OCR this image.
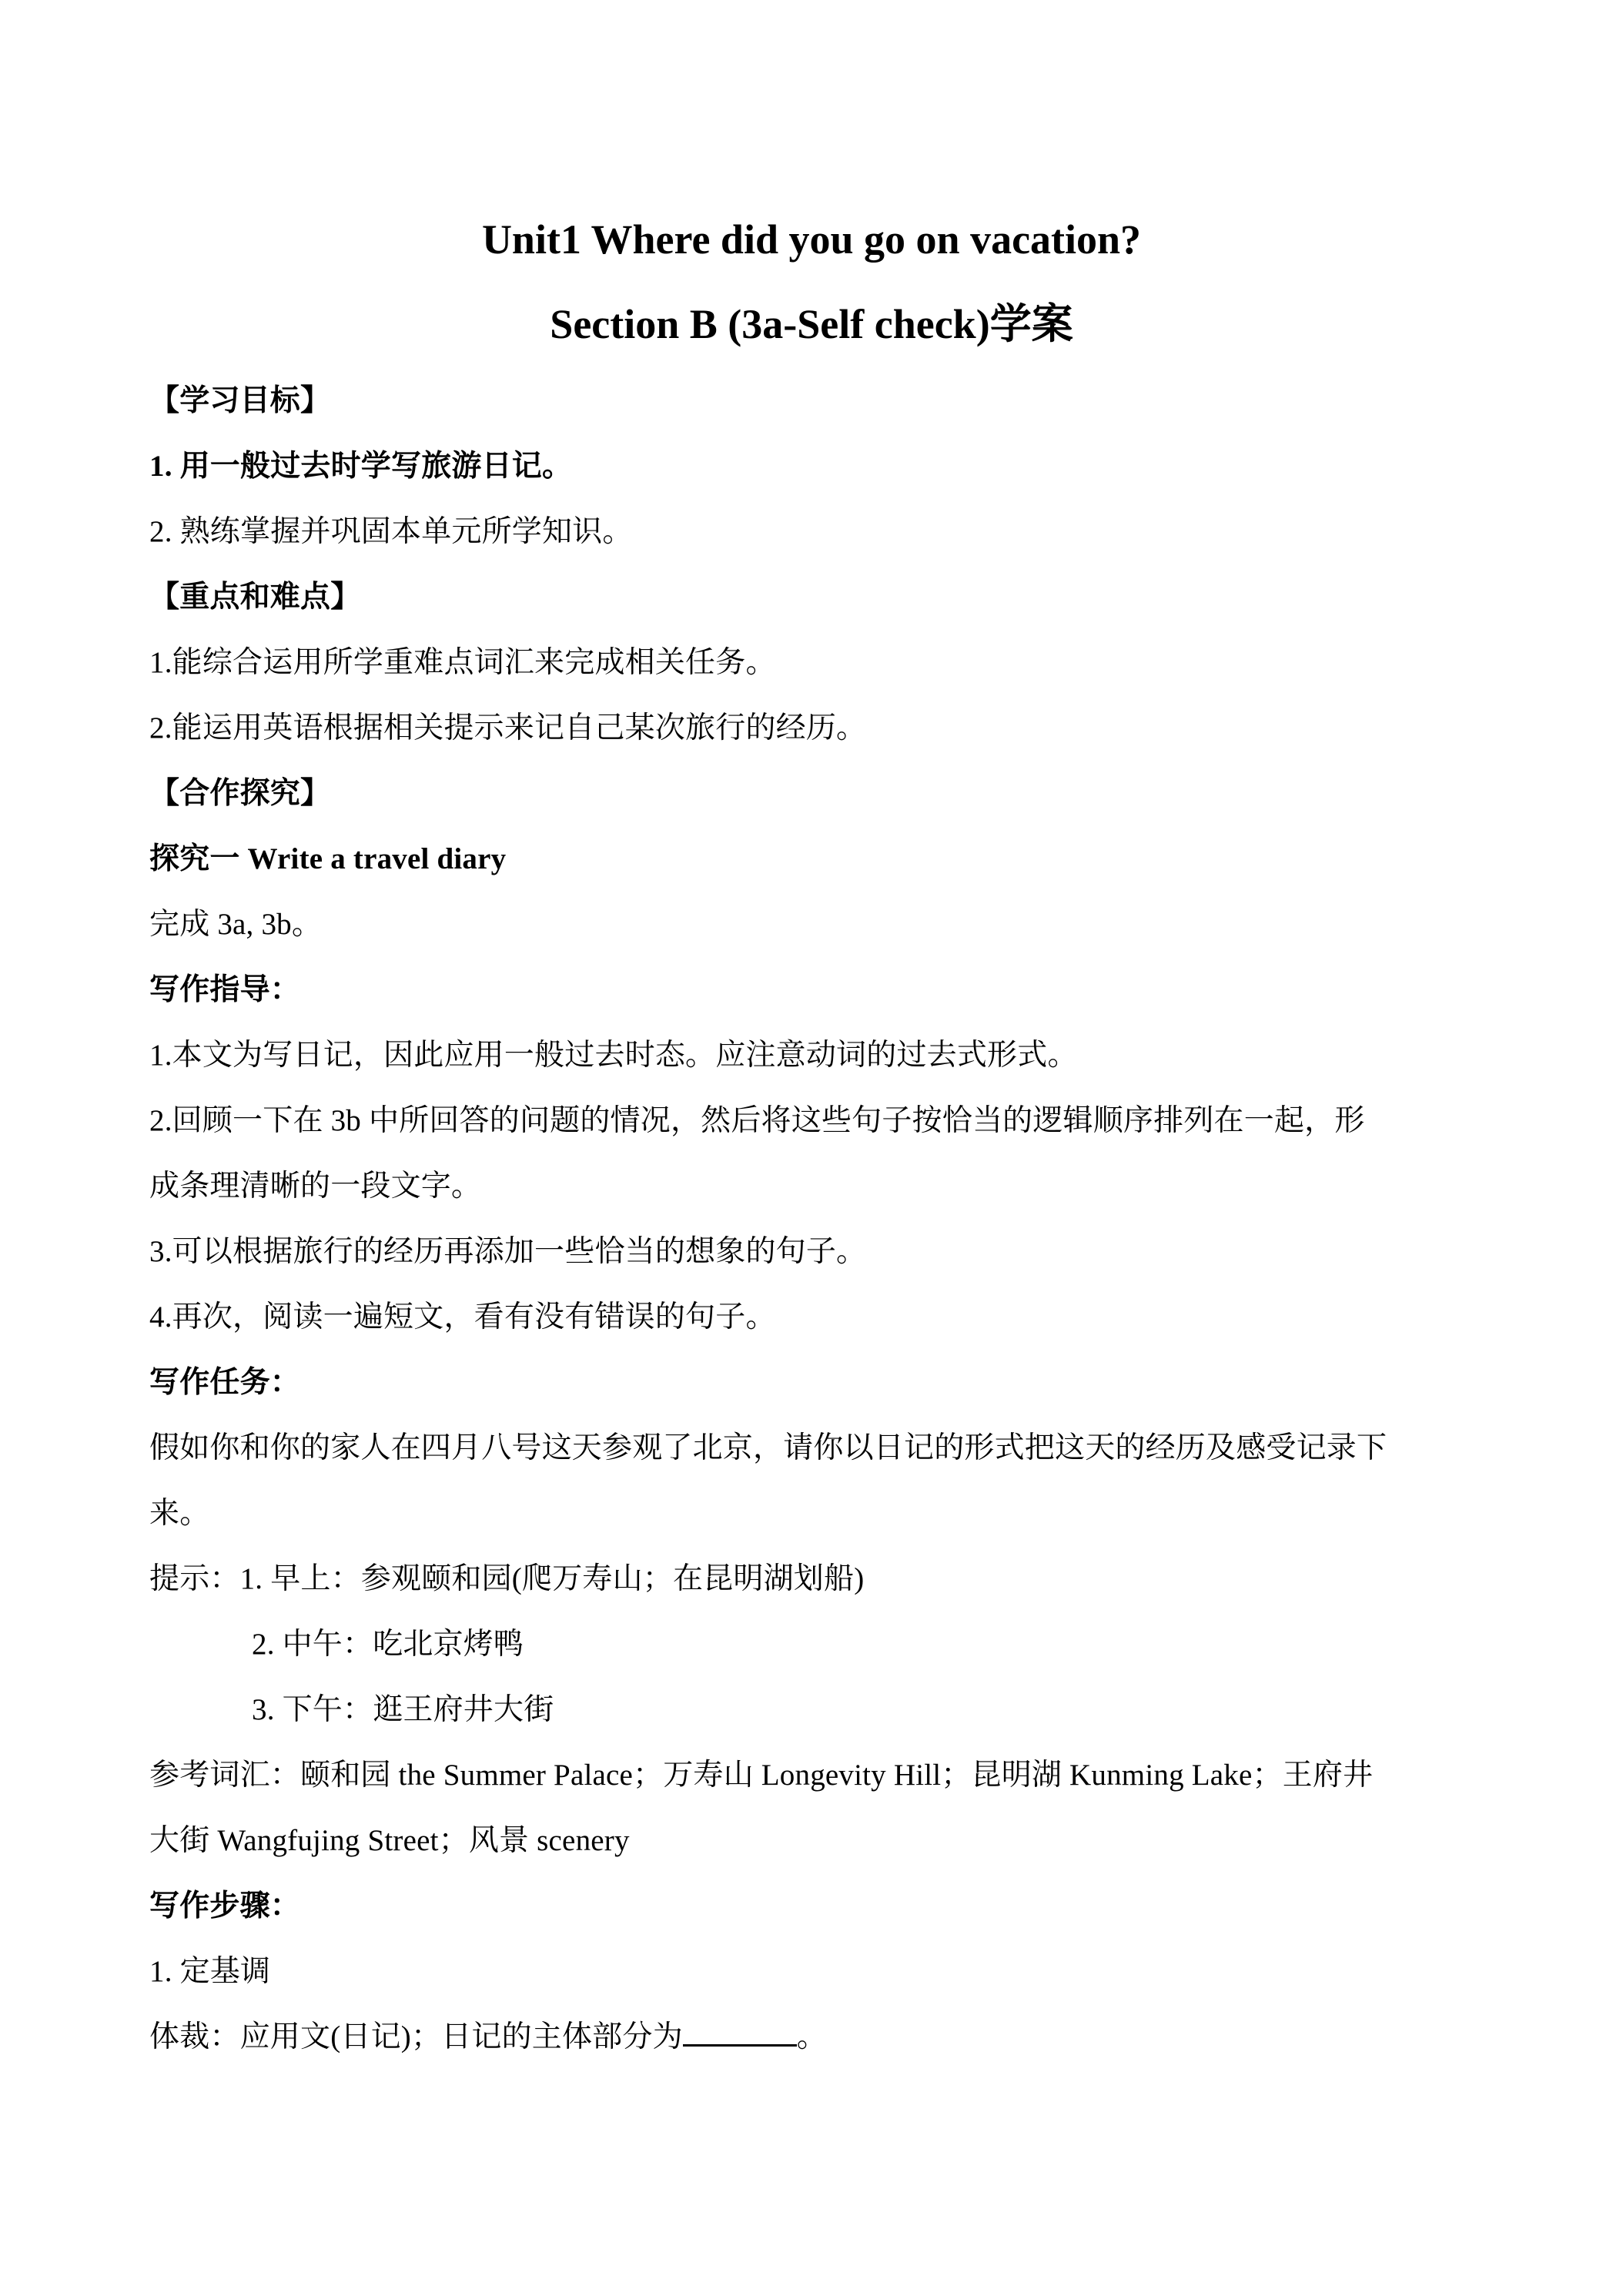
Unit1 Where did you go on vacation?
Section B (3a-Self check)学案
【学习目标】
1. 用一般过去时学写旅游日记。
2. 熟练掌握并巩固本单元所学知识。
【重点和难点】
1.能综合运用所学重难点词汇来完成相关任务。
2.能运用英语根据相关提示来记自己某次旅行的经历。
【合作探究】
探究一 Write a travel diary
完成 3a, 3b。
写作指导：
1.本文为写日记，因此应用一般过去时态。应注意动词的过去式形式。
2.回顾一下在 3b 中所回答的问题的情况，然后将这些句子按恰当的逻辑顺序排列在一起，形
成条理清晰的一段文字。
3.可以根据旅行的经历再添加一些恰当的想象的句子。
4.再次，阅读一遍短文，看有没有错误的句子。
写作任务：
假如你和你的家人在四月八号这天参观了北京，请你以日记的形式把这天的经历及感受记录下
来。
提示：1. 早上：参观颐和园(爬万寿山；在昆明湖划船)
2. 中午：吃北京烤鸭
3. 下午：逛王府井大街
参考词汇：颐和园 the Summer Palace；万寿山 Longevity Hill；昆明湖 Kunming Lake；王府井
大街 Wangfujing Street；风景 scenery
写作步骤：
1. 定基调
体裁：应用文(日记)；日记的主体部分为	。
